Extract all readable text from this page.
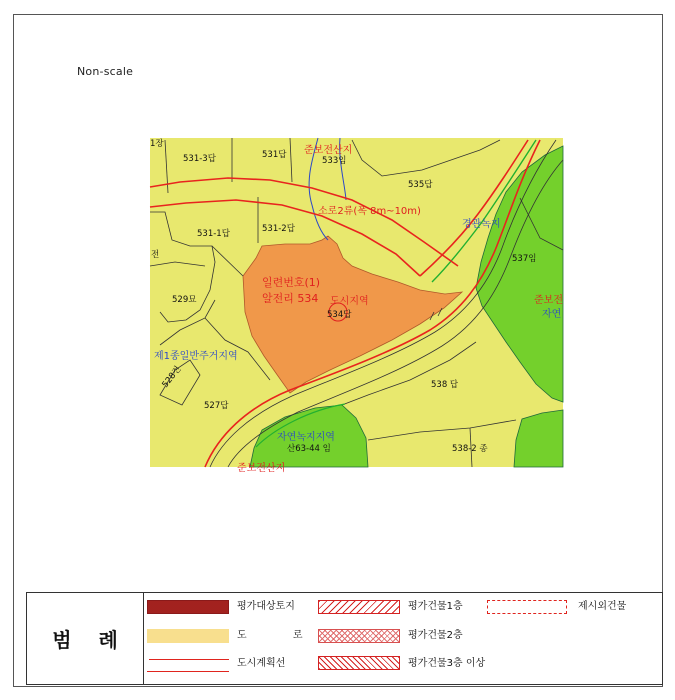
Non-scale
1장
531-3답	531답 준보전산지
533임
535답
소로2류(폭 8m~10m)
경관녹지
531-1답	531-2답
전	537임
일련번호(1)
알전리 534 도시지역
534답
529묘	준보전
자연
제1종일반주거지역
528전
527답
538 답
자연녹지지역
산63-44 임	538-2 종
준보전산지
범 례
평가대상토지
도 로
도시계획선
평가건물1층
평가건물2층
평가건물3층 이상
제시외건물
